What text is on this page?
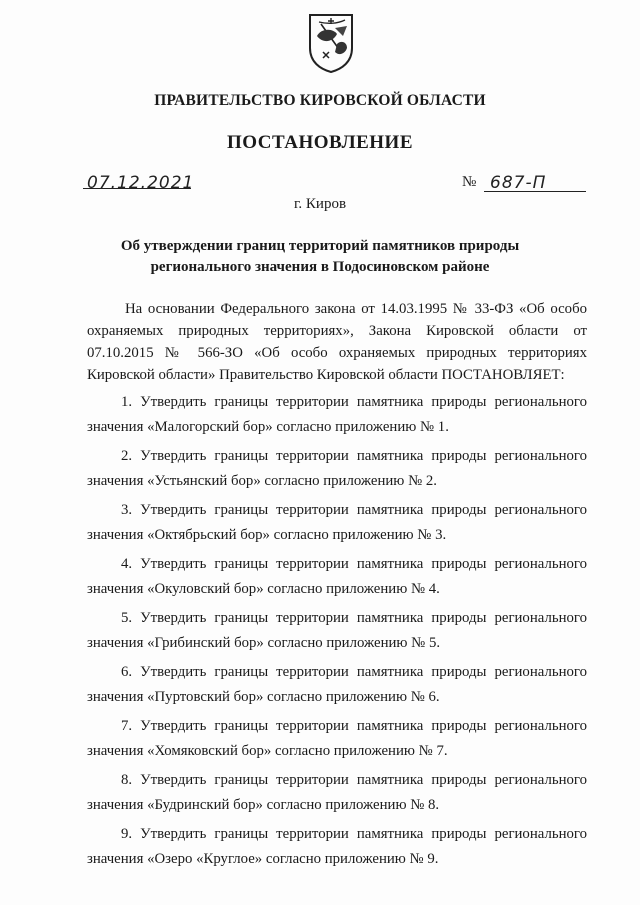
ПРАВИТЕЛЬСТВО КИРОВСКОЙ ОБЛАСТИ
ПОСТАНОВЛЕНИЕ
07.12.2021	№ 687-П
г. Киров
Об утверждении границ территорий памятников природы
регионального значения в Подосиновском районе

На основании Федерального закона от 14.03.1995 № 33-ФЗ «Об особо охраняемых природных территориях», Закона Кировской области от 07.10.2015 № 566-ЗО «Об особо охраняемых природных территориях Кировской области» Правительство Кировской области ПОСТАНОВЛЯЕТ:

1. Утвердить границы территории памятника природы регионального значения «Малогорский бор» согласно приложению № 1.

2. Утвердить границы территории памятника природы регионального значения «Устьянский бор» согласно приложению № 2.

3. Утвердить границы территории памятника природы регионального значения «Октябрьский бор» согласно приложению № 3.

4. Утвердить границы территории памятника природы регионального значения «Окуловский бор» согласно приложению № 4.

5. Утвердить границы территории памятника природы регионального значения «Грибинский бор» согласно приложению № 5.

6. Утвердить границы территории памятника природы регионального значения «Пуртовский бор» согласно приложению № 6.

7. Утвердить границы территории памятника природы регионального значения «Хомяковский бор» согласно приложению № 7.

8. Утвердить границы территории памятника природы регионального значения «Будринский бор» согласно приложению № 8.

9. Утвердить границы территории памятника природы регионального значения «Озеро «Круглое» согласно приложению № 9.
